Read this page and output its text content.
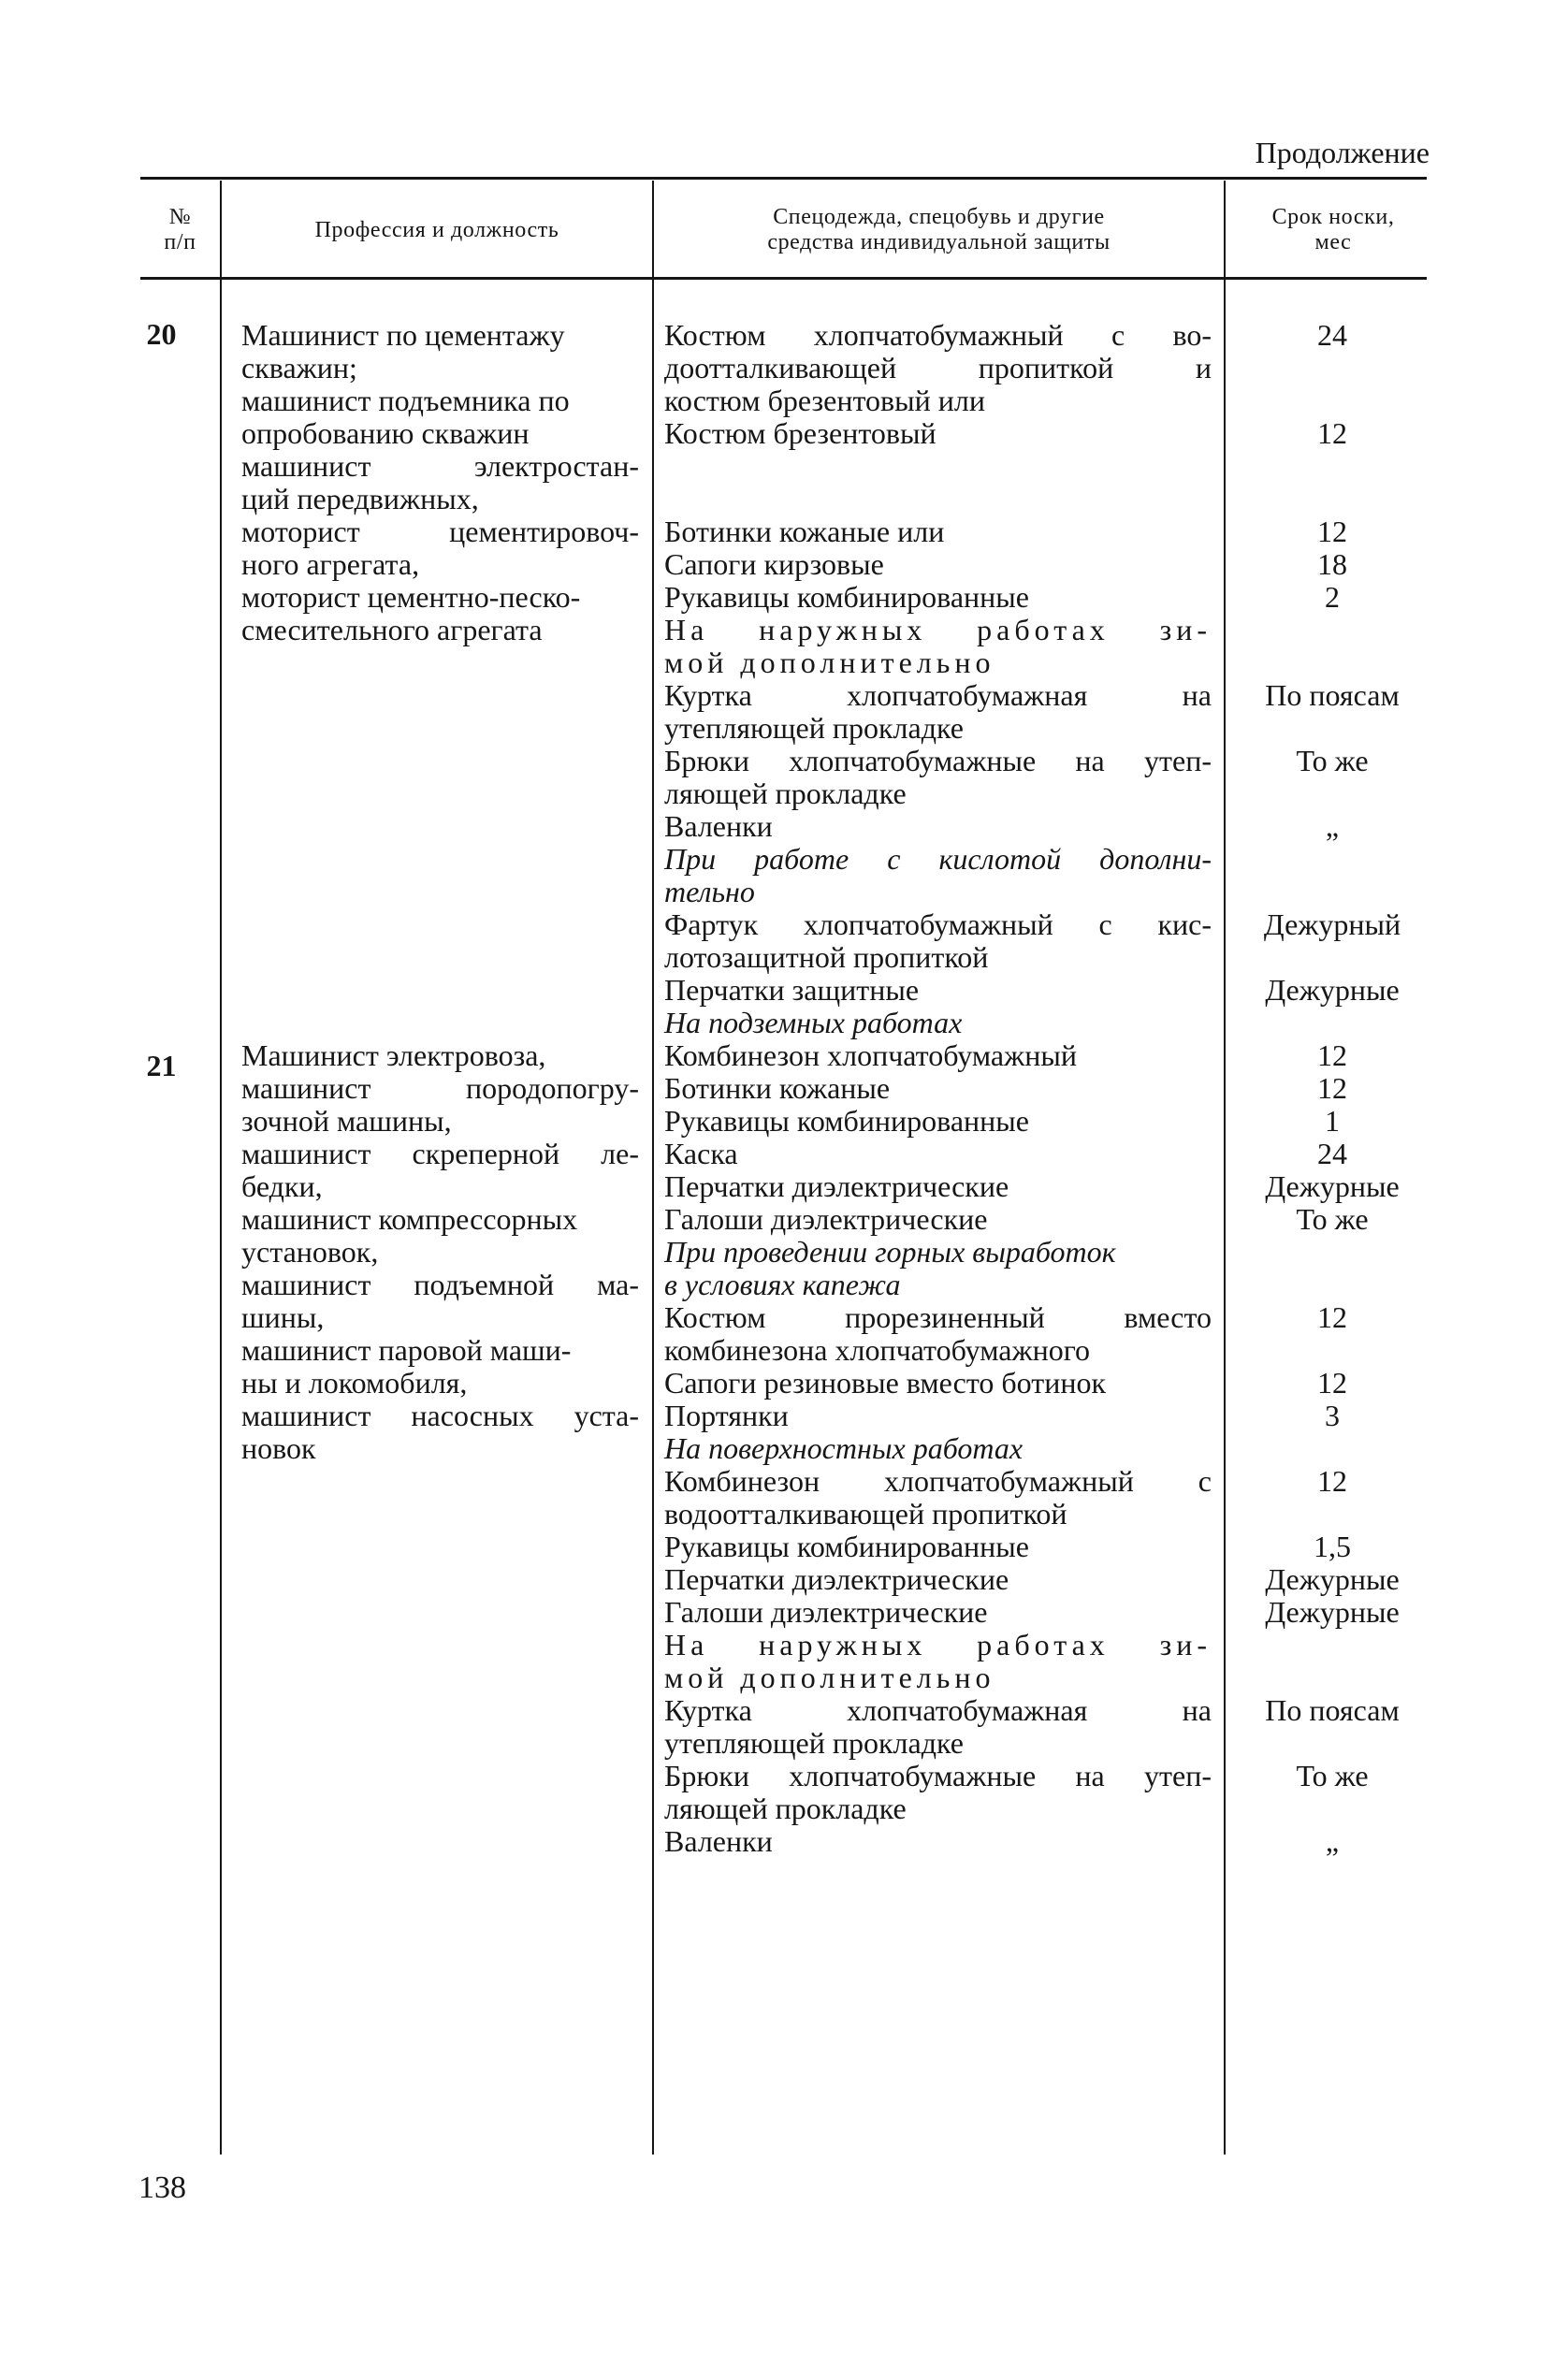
Продолжение
№
п/п
Профессия и должность
Спецодежда, спецобувь и другие
средства индивидуальной защиты
Срок носки,
мес
20
21
Машинист по цементажу
скважин;
машинист подъемника по
опробованию скважин
машинист электростан-
ций передвижных,
моторист цементировоч-
ного агрегата,
моторист цементно-песко-
смесительного агрегата
Костюм хлопчатобумажный с во-
доотталкивающей пропиткой и
костюм брезентовый или
Костюм брезентовый
Ботинки кожаные или
Сапоги кирзовые
Рукавицы комбинированные
На наружных работах зи-
мой дополнительно
Куртка хлопчатобумажная на
утепляющей прокладке
Брюки хлопчатобумажные на утеп-
ляющей прокладке
Валенки
При работе с кислотой дополни-
тельно
Фартук хлопчатобумажный с кис-
лотозащитной пропиткой
Перчатки защитные
На подземных работах
24
12
12
18
2
По поясам
То же
„
Дежурный
Дежурные
Машинист электровоза,
машинист породопогру-
зочной машины,
машинист скреперной ле-
бедки,
машинист компрессорных
установок,
машинист подъемной ма-
шины,
машинист паровой маши-
ны и локомобиля,
машинист насосных уста-
новок
Комбинезон хлопчатобумажный
Ботинки кожаные
Рукавицы комбинированные
Каска
Перчатки диэлектрические
Галоши диэлектрические
При проведении горных выработок
в условиях капежа
Костюм прорезиненный вместо
комбинезона хлопчатобумажного
Сапоги резиновые вместо ботинок
Портянки
На поверхностных работах
Комбинезон хлопчатобумажный с
водоотталкивающей пропиткой
Рукавицы комбинированные
Перчатки диэлектрические
Галоши диэлектрические
На наружных работах зи-
мой дополнительно
Куртка хлопчатобумажная на
утепляющей прокладке
Брюки хлопчатобумажные на утеп-
ляющей прокладке
Валенки
12
12
1
24
Дежурные
То же
12
12
3
12
1,5
Дежурные
Дежурные
По поясам
То же
„
138
